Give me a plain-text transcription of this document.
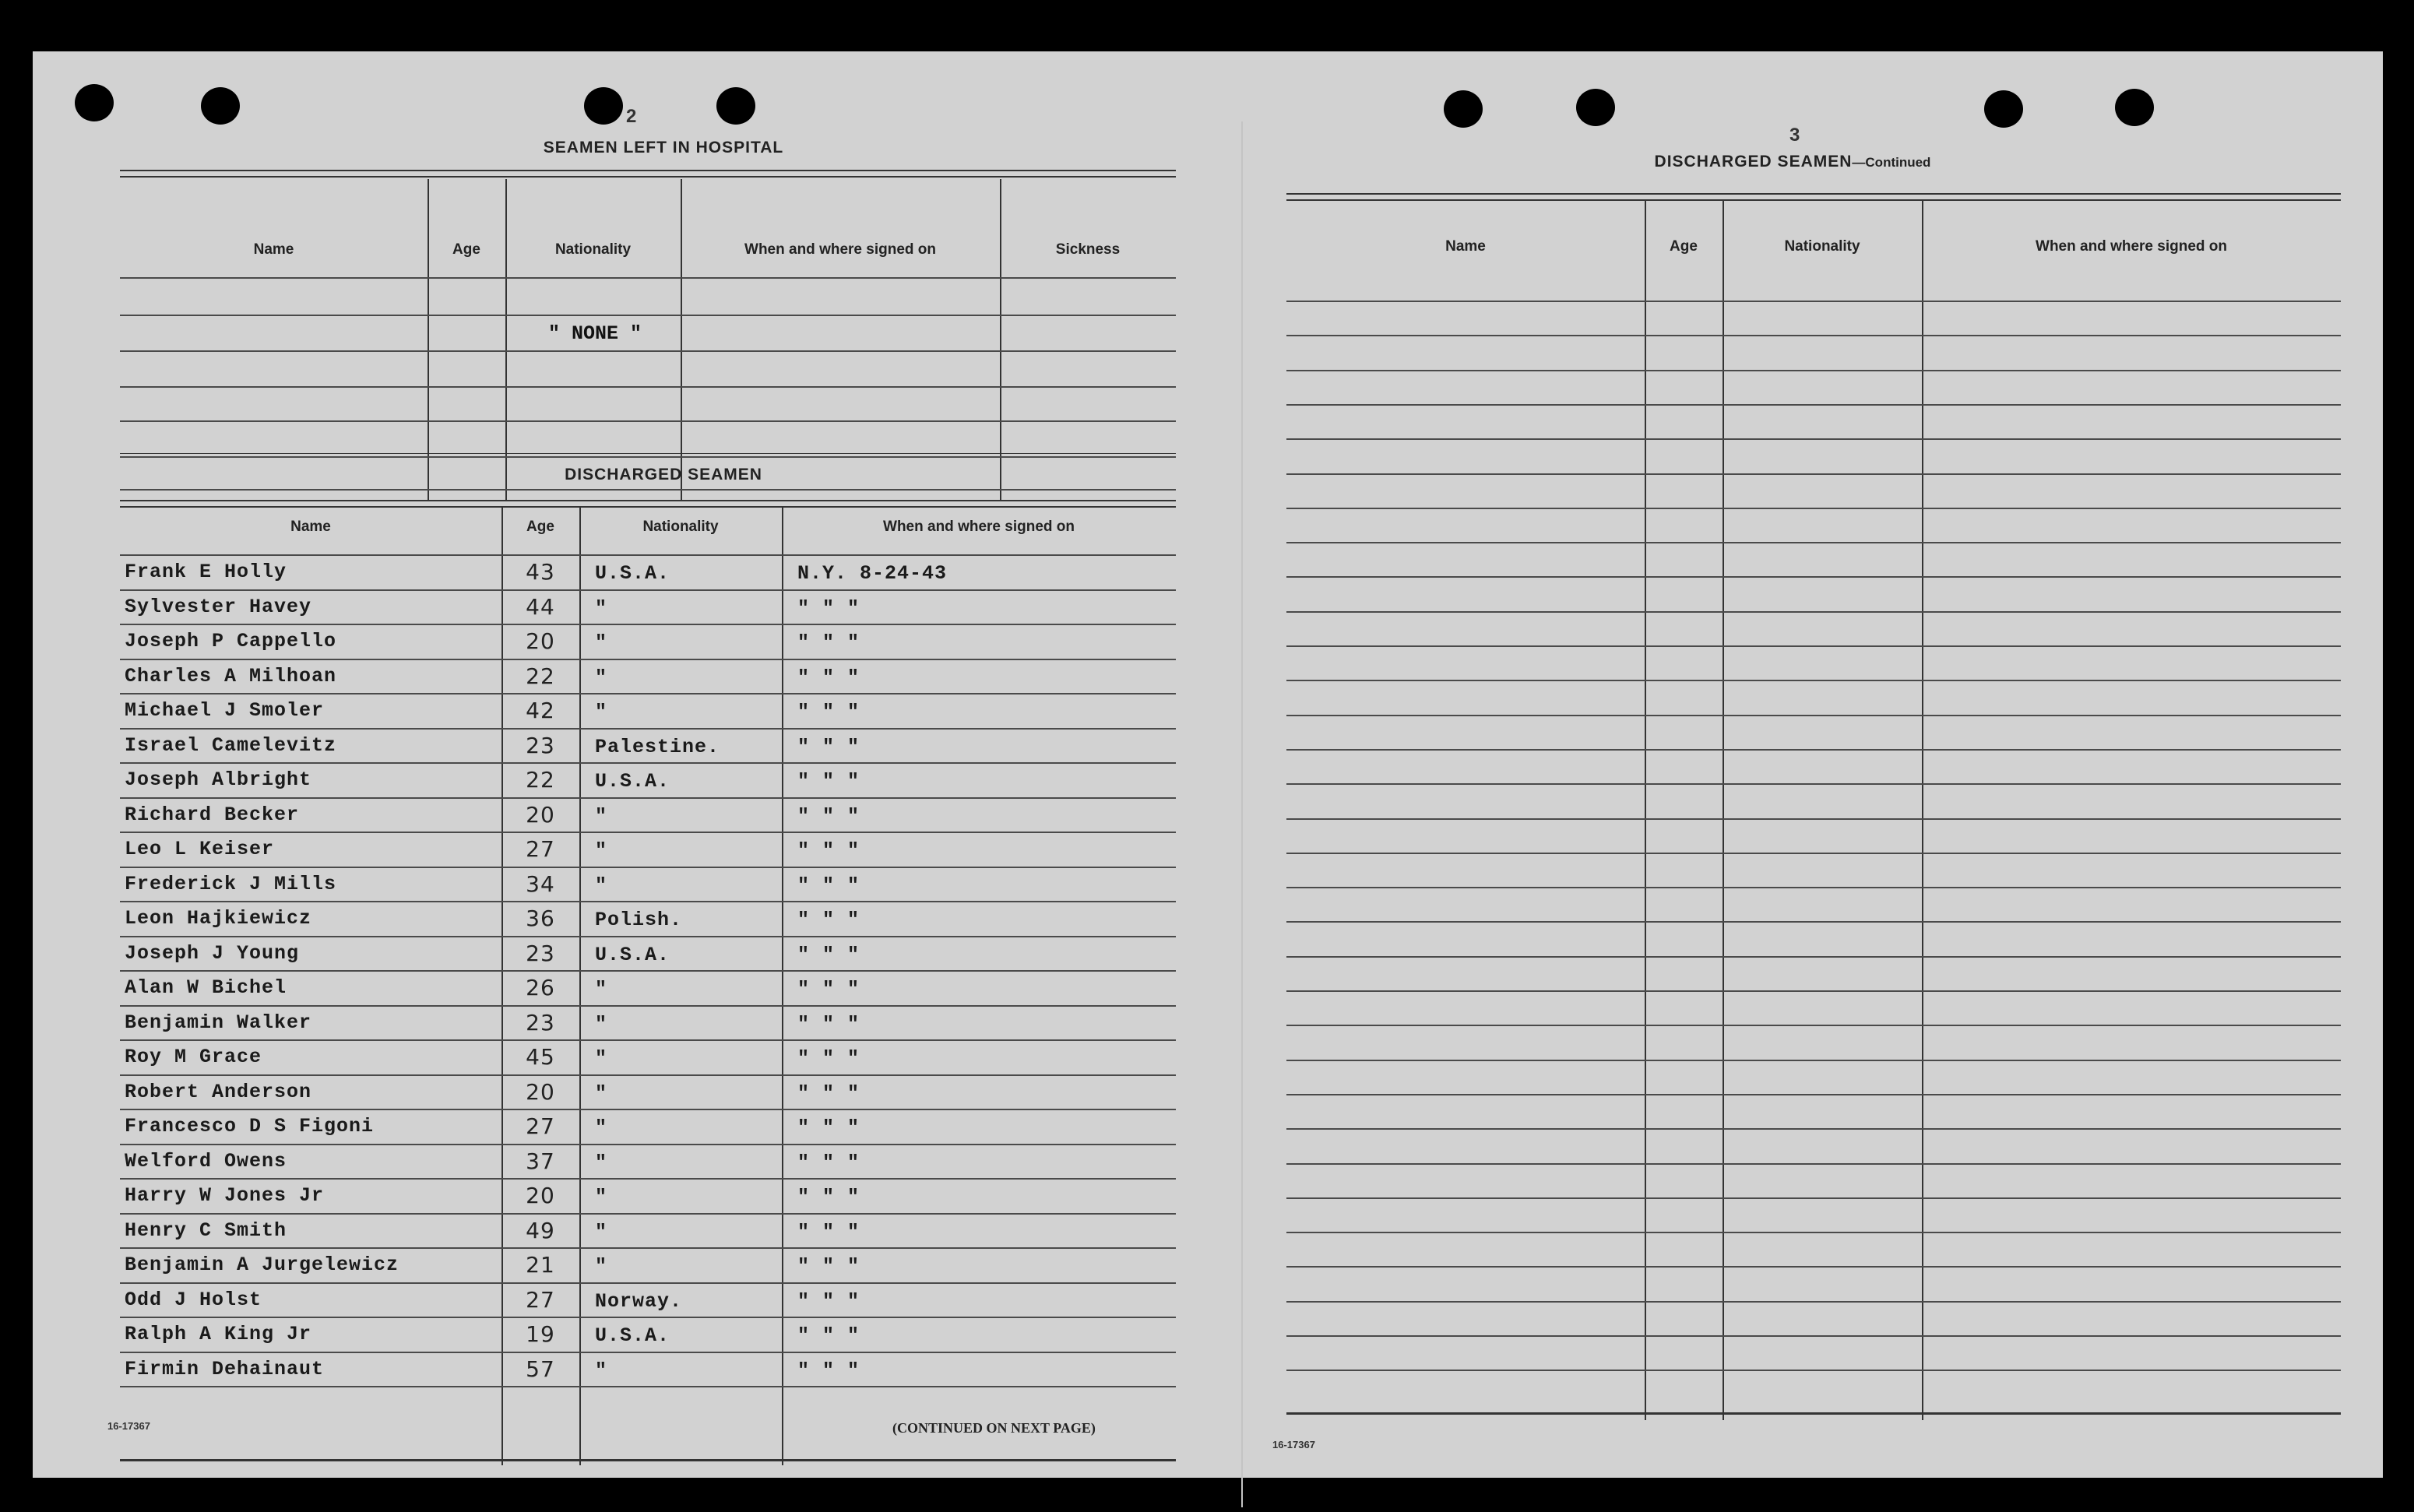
2
SEAMEN LEFT IN HOSPITAL
Name	Age	Nationality	When and where signed on	Sickness
" NONE "
DISCHARGED SEAMEN
Name	Age	Nationality	When and where signed on
Frank E Holly	43	U.S.A.	N.Y. 8-24-43
Sylvester Havey	44	"	" " "
Joseph P Cappello	20	"	" " "
Charles A Milhoan	22	"	" " "
Michael J Smoler	42	"	" " "
Israel Camelevitz	23	Palestine.	" " "
Joseph Albright	22	U.S.A.	" " "
Richard Becker	20	"	" " "
Leo L Keiser	27	"	" " "
Frederick J Mills	34	"	" " "
Leon Hajkiewicz	36	Polish.	" " "
Joseph J Young	23	U.S.A.	" " "
Alan W Bichel	26	"	" " "
Benjamin Walker	23	"	" " "
Roy M Grace	45	"	" " "
Robert Anderson	20	"	" " "
Francesco D S Figoni	27	"	" " "
Welford Owens	37	"	" " "
Harry W Jones Jr	20	"	" " "
Henry C Smith	49	"	" " "
Benjamin A Jurgelewicz	21	"	" " "
Odd J Holst	27	Norway.	" " "
Ralph A King Jr	19	U.S.A.	" " "
Firmin Dehainaut	57	"	" " "
16-17367	(CONTINUED ON NEXT PAGE)
3
DISCHARGED SEAMEN—Continued
Name	Age	Nationality	When and where signed on
16-17367
